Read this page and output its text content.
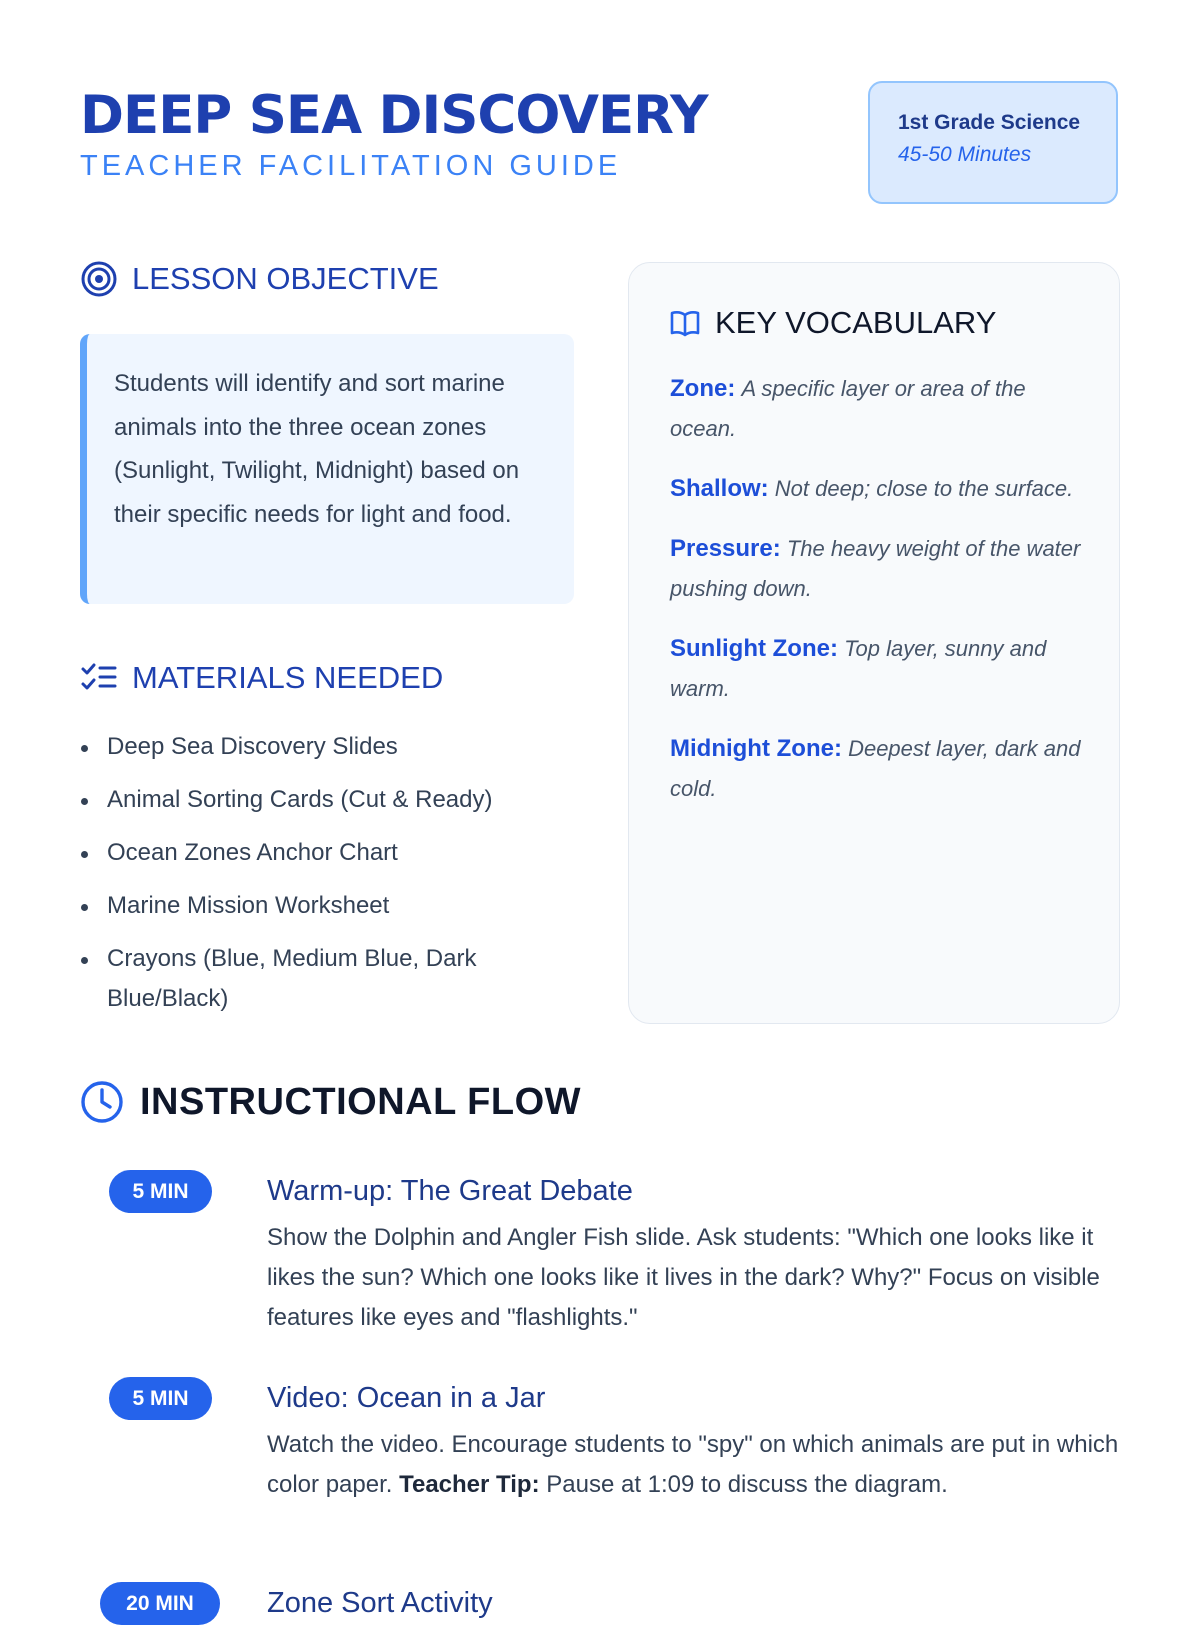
DEEP SEA DISCOVERY
TEACHER FACILITATION GUIDE
1st Grade Science
45-50 Minutes
LESSON OBJECTIVE

Students will identify and sort marine animals into the three ocean zones (Sunlight, Twilight, Midnight) based on their specific needs for light and food.

MATERIALS NEEDED
Deep Sea Discovery Slides
Animal Sorting Cards (Cut & Ready)
Ocean Zones Anchor Chart
Marine Mission Worksheet
Crayons (Blue, Medium Blue, Dark Blue/Black)
KEY VOCABULARY
Zone: A specific layer or area of the ocean.
Shallow: Not deep; close to the surface.
Pressure: The heavy weight of the water pushing down.
Sunlight Zone: Top layer, sunny and warm.
Midnight Zone: Deepest layer, dark and cold.
INSTRUCTIONAL FLOW
5 MIN	Warm-up: The Great Debate

Show the Dolphin and Angler Fish slide. Ask students: "Which one looks like it likes the sun? Which one looks like it lives in the dark? Why?" Focus on visible features like eyes and "flashlights."

5 MIN	Video: Ocean in a Jar

Watch the video. Encourage students to "spy" on which animals are put in which color paper. Teacher Tip: Pause at 1:09 to discuss the diagram.

20 MIN	Zone Sort Activity
